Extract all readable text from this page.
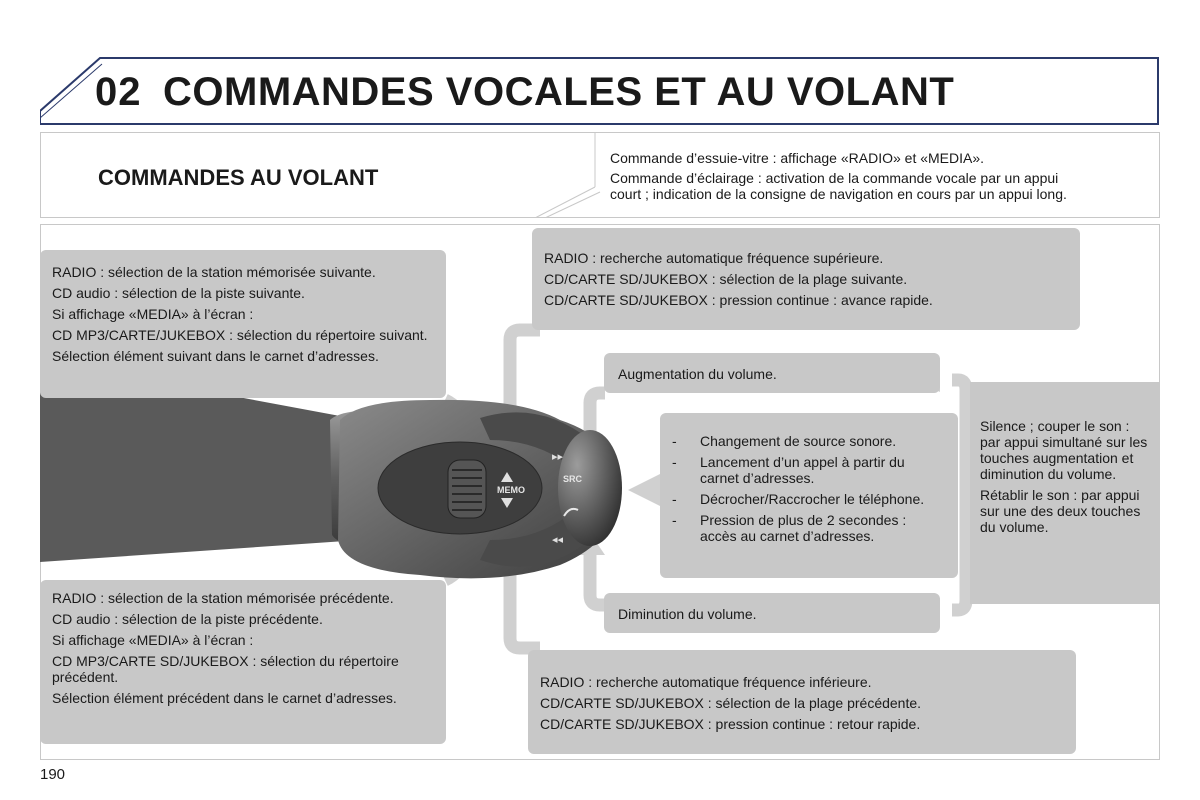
02 COMMANDES VOCALES ET AU VOLANT
COMMANDES AU VOLANT
Commande d’essuie-vitre : affichage «RADIO» et «MEDIA».
Commande d’éclairage : activation de la commande vocale par un appui
court ; indication de la consigne de navigation en cours par un appui long.
▸▸
◂◂
MEMO
SRC

RADIO : sélection de la station mémorisée suivante.

CD audio : sélection de la piste suivante.

Si affichage «MEDIA» à l’écran :

CD MP3/CARTE/JUKEBOX : sélection du répertoire suivant.

Sélection élément suivant dans le carnet d’adresses.

RADIO : sélection de la station mémorisée précédente.

CD audio : sélection de la piste précédente.

Si affichage «MEDIA» à l’écran :

CD MP3/CARTE SD/JUKEBOX : sélection du répertoire précédent.

Sélection élément précédent dans le carnet d’adresses.

RADIO : recherche automatique fréquence supérieure.

CD/CARTE SD/JUKEBOX : sélection de la plage suivante.

CD/CARTE SD/JUKEBOX : pression continue : avance rapide.

RADIO : recherche automatique fréquence inférieure.

CD/CARTE SD/JUKEBOX : sélection de la plage précédente.

CD/CARTE SD/JUKEBOX : pression continue : retour rapide.

Augmentation du volume.

Diminution du volume.

- Changement de source sonore.
- Lancement d’un appel à partir du carnet d’adresses.
- Décrocher/Raccrocher le téléphone.
- Pression de plus de 2 secondes : accès au carnet d’adresses.

Silence ; couper le son : par appui simultané sur les touches augmentation et diminution du volume.

Rétablir le son : par appui sur une des deux touches du volume.

190
